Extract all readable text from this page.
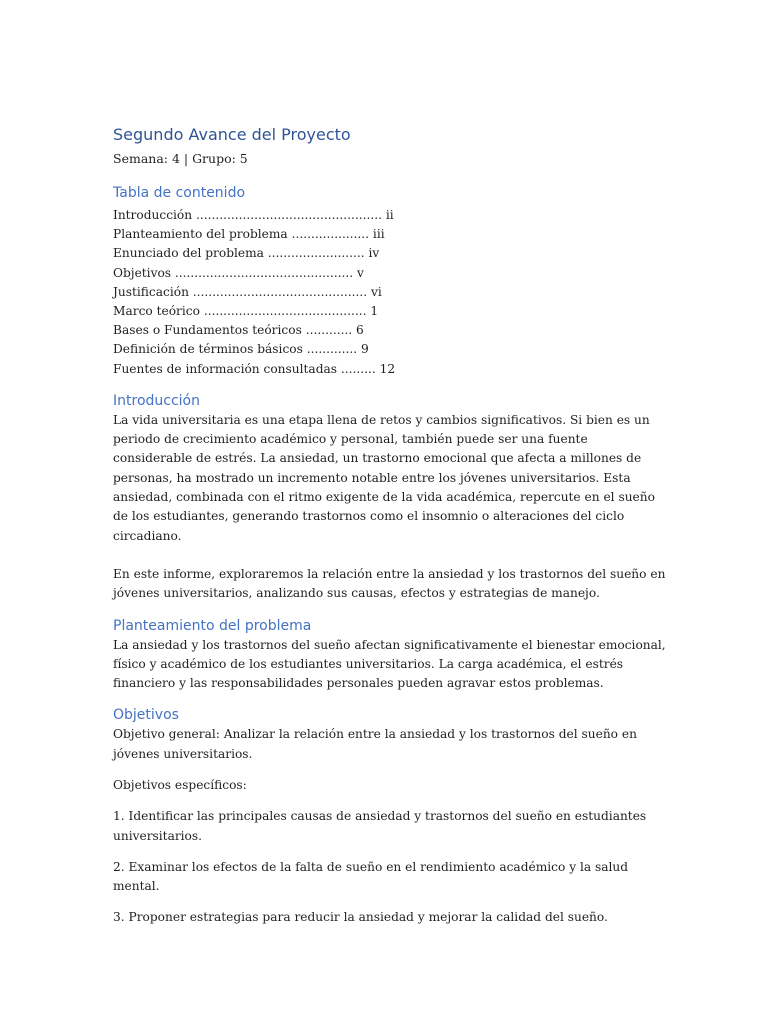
Segundo Avance del Proyecto
Semana: 4 | Grupo: 5
Tabla de contenido
Introducción ................................................ ii
Planteamiento del problema .................... iii
Enunciado del problema ......................... iv
Objetivos .............................................. v
Justificación ............................................. vi
Marco teórico .......................................... 1
Bases o Fundamentos teóricos ............ 6
Definición de términos básicos ............. 9
Fuentes de información consultadas ......... 12
Introducción

La vida universitaria es una etapa llena de retos y cambios significativos. Si bien es un periodo de crecimiento académico y personal, también puede ser una fuente considerable de estrés. La ansiedad, un trastorno emocional que afecta a millones de personas, ha mostrado un incremento notable entre los jóvenes universitarios. Esta ansiedad, combinada con el ritmo exigente de la vida académica, repercute en el sueño de los estudiantes, generando trastornos como el insomnio o alteraciones del ciclo circadiano.

En este informe, exploraremos la relación entre la ansiedad y los trastornos del sueño en jóvenes universitarios, analizando sus causas, efectos y estrategias de manejo.

Planteamiento del problema

La ansiedad y los trastornos del sueño afectan significativamente el bienestar emocional, físico y académico de los estudiantes universitarios. La carga académica, el estrés financiero y las responsabilidades personales pueden agravar estos problemas.

Objetivos

Objetivo general: Analizar la relación entre la ansiedad y los trastornos del sueño en jóvenes universitarios.

Objetivos específicos:

1. Identificar las principales causas de ansiedad y trastornos del sueño en estudiantes universitarios.

2. Examinar los efectos de la falta de sueño en el rendimiento académico y la salud mental.

3. Proponer estrategias para reducir la ansiedad y mejorar la calidad del sueño.
